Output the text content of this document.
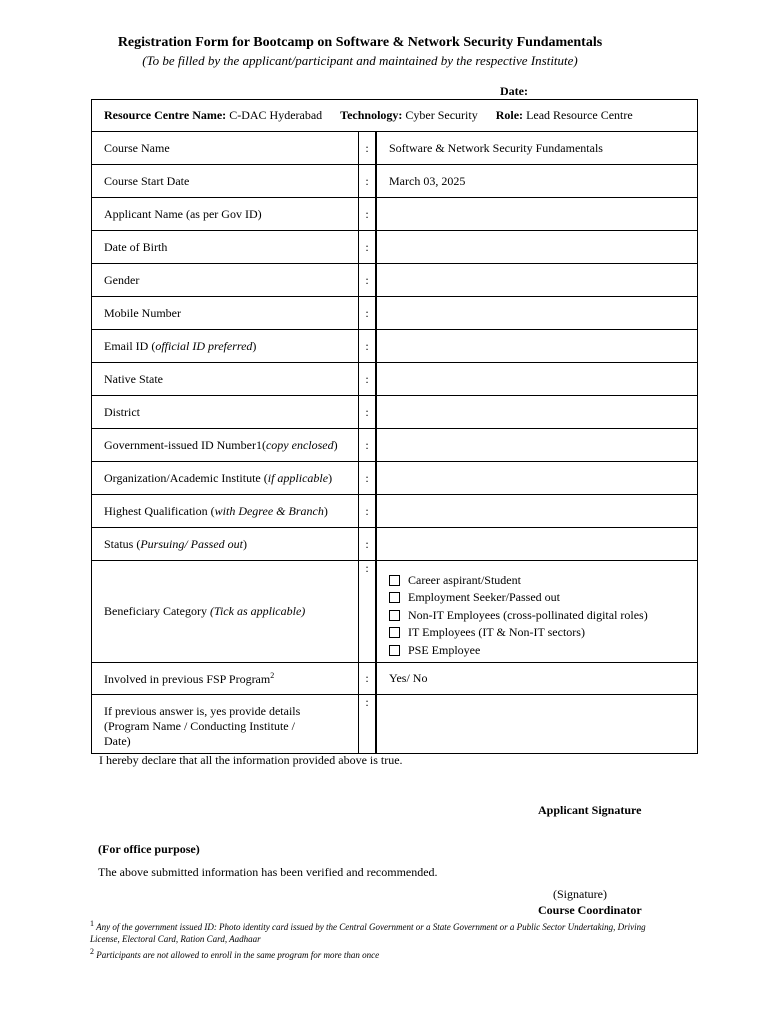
Registration Form for Bootcamp on Software & Network Security Fundamentals
(To be filled by the applicant/participant and maintained by the respective Institute)
Date:
Resource Centre Name: C-DAC Hyderabad Technology: Cyber Security Role: Lead Resource Centre		
Course Name	:	Software & Network Security Fundamentals
Course Start Date	:	March 03, 2025
Applicant Name (as per Gov ID)	:	
Date of Birth	:	
Gender	:	
Mobile Number	:	
Email ID (official ID preferred)	:	
Native State	:	
District	:	
Government-issued ID Number1(copy enclosed)	:	
Organization/Academic Institute (if applicable)	:	
Highest Qualification (with Degree & Branch)	:	
Status (Pursuing/ Passed out)	:	
Beneficiary Category (Tick as applicable)	:	Career aspirant/Student
Employment Seeker/Passed out
Non-IT Employees (cross-pollinated digital roles)
IT Employees (IT & Non-IT sectors)
PSE Employee

Involved in previous FSP Program$^2$	:	Yes/ No

If previous answer is, yes provide details
(Program Name / Conducting Institute /
Date)	:	
I hereby declare that all the information provided above is true.
Applicant Signature
(For office purpose)
The above submitted information has been verified and recommended.
(Signature)
Course Coordinator
$^1$ Any of the government issued ID: Photo identity card issued by the Central Government or a State Government or a Public Sector Undertaking, Driving License, Electoral Card, Ration Card, Aadhaar
$^2$ Participants are not allowed to enroll in the same program for more than once
